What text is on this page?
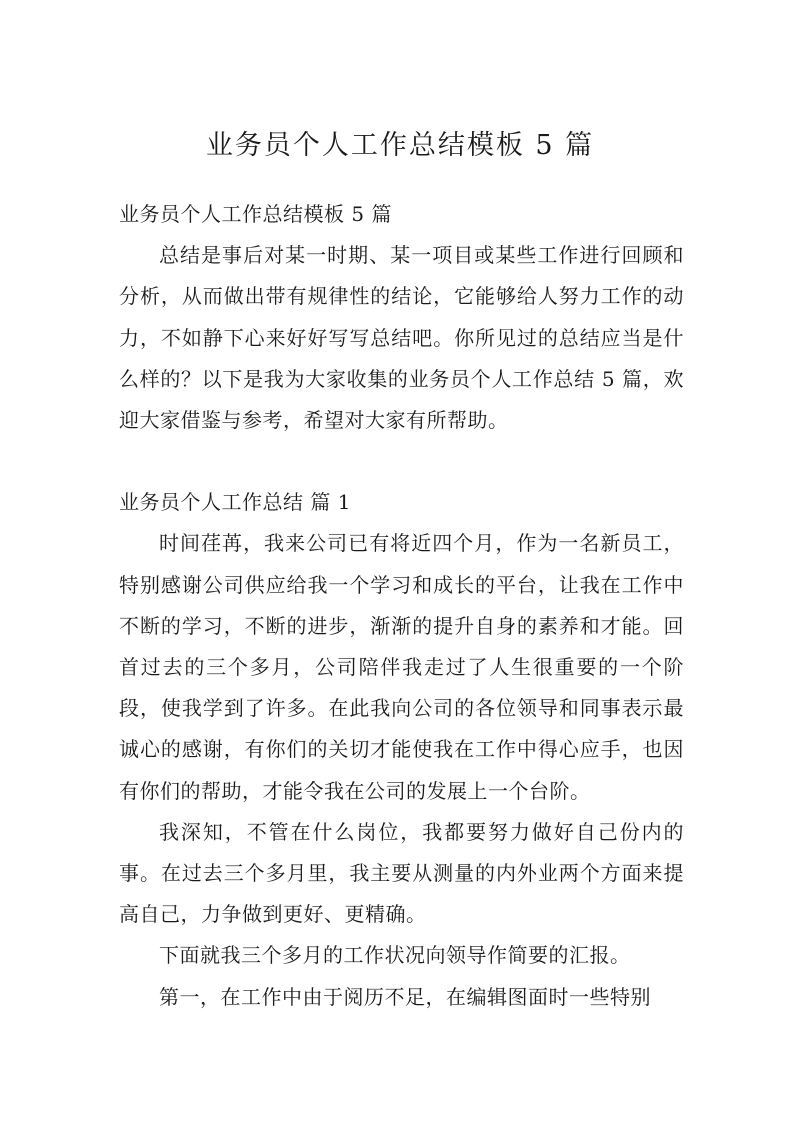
业务员个人工作总结模板 5 篇

业务员个人工作总结模板 5 篇

总结是事后对某一时期、某一项目或某些工作进行回顾和分析，从而做出带有规律性的结论，它能够给人努力工作的动力，不如静下心来好好写写总结吧。你所见过的总结应当是什么样的？以下是我为大家收集的业务员个人工作总结 5 篇，欢迎大家借鉴与参考，希望对大家有所帮助。

业务员个人工作总结 篇 1

时间荏苒，我来公司已有将近四个月，作为一名新员工，特别感谢公司供应给我一个学习和成长的平台，让我在工作中不断的学习，不断的进步，渐渐的提升自身的素养和才能。回首过去的三个多月，公司陪伴我走过了人生很重要的一个阶段，使我学到了许多。在此我向公司的各位领导和同事表示最诚心的感谢，有你们的关切才能使我在工作中得心应手，也因有你们的帮助，才能令我在公司的发展上一个台阶。

我深知，不管在什么岗位，我都要努力做好自己份内的事。在过去三个多月里，我主要从测量的内外业两个方面来提高自己，力争做到更好、更精确。

下面就我三个多月的工作状况向领导作简要的汇报。

第一，在工作中由于阅历不足，在编辑图面时一些特别
